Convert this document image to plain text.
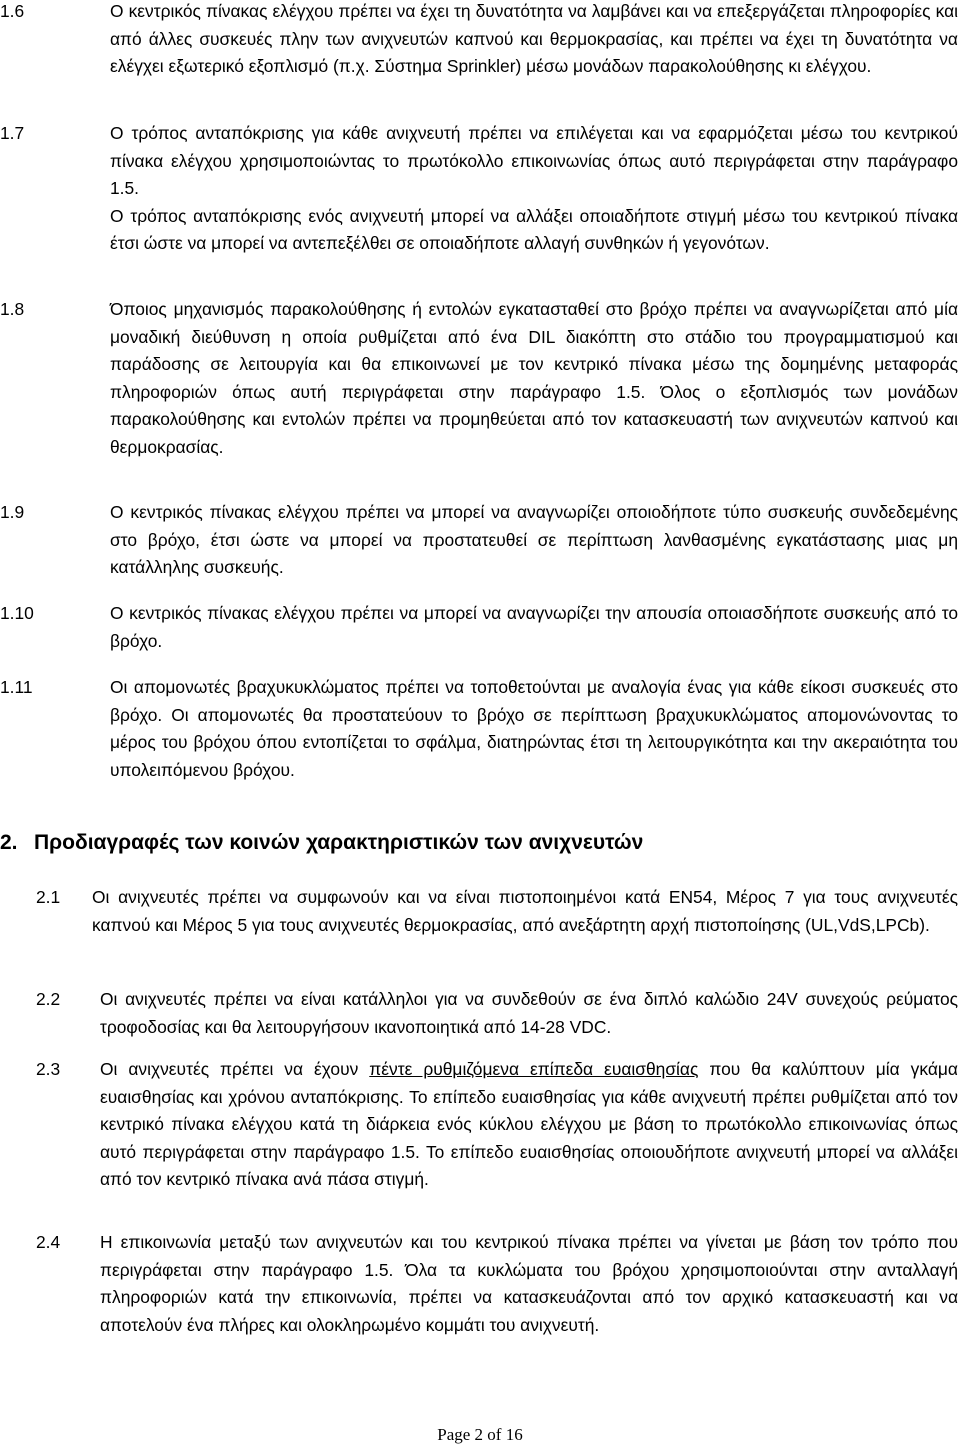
1.6	Ο κεντρικός πίνακας ελέγχου πρέπει να έχει τη δυνατότητα να λαμβάνει και να επεξεργάζεται πληροφορίες και από άλλες συσκευές πλην των ανιχνευτών καπνού και θερμοκρασίας, και πρέπει να έχει τη δυνατότητα να ελέγχει εξωτερικό εξοπλισμό (π.χ. Σύστημα Sprinkler) μέσω μονάδων παρακολούθησης κι ελέγχου.

1.7	Ο τρόπος ανταπόκρισης για κάθε ανιχνευτή πρέπει να επιλέγεται και να εφαρμόζεται μέσω του κεντρικού πίνακα ελέγχου χρησιμοποιώντας το πρωτόκολλο επικοινωνίας όπως αυτό περιγράφεται στην παράγραφο 1.5.

Ο τρόπος ανταπόκρισης ενός ανιχνευτή μπορεί να αλλάξει οποιαδήποτε στιγμή μέσω του κεντρικού πίνακα έτσι ώστε να μπορεί να αντεπεξέλθει σε οποιαδήποτε αλλαγή συνθηκών ή γεγονότων.

1.8	Όποιος μηχανισμός παρακολούθησης ή εντολών εγκατασταθεί στο βρόχο πρέπει να αναγνωρίζεται από μία μοναδική διεύθυνση η οποία ρυθμίζεται από ένα DIL διακόπτη στο στάδιο του προγραμματισμού και παράδοσης σε λειτουργία και θα επικοινωνεί με τον κεντρικό πίνακα μέσω της δομημένης μεταφοράς πληροφοριών όπως αυτή περιγράφεται στην παράγραφο 1.5. Όλος ο εξοπλισμός των μονάδων παρακολούθησης και εντολών πρέπει να προμηθεύεται από τον κατασκευαστή των ανιχνευτών καπνού και θερμοκρασίας.

1.9	Ο κεντρικός πίνακας ελέγχου πρέπει να μπορεί να αναγνωρίζει οποιοδήποτε τύπο συσκευής συνδεδεμένης στο βρόχο, έτσι ώστε να μπορεί να προστατευθεί σε περίπτωση λανθασμένης εγκατάστασης μιας μη κατάλληλης συσκευής.

1.10	Ο κεντρικός πίνακας ελέγχου πρέπει να μπορεί να αναγνωρίζει την απουσία οποιασδήποτε συσκευής από το βρόχο.

1.11	Οι απομονωτές βραχυκυκλώματος πρέπει να τοποθετούνται με αναλογία ένας για κάθε είκοσι συσκευές στο βρόχο. Οι απομονωτές θα προστατεύουν το βρόχο σε περίπτωση βραχυκυκλώματος απομονώνοντας το μέρος του βρόχου όπου εντοπίζεται το σφάλμα, διατηρώντας έτσι τη λειτουργικότητα και την ακεραιότητα του υπολειπόμενου βρόχου.

2. Προδιαγραφές των κοινών χαρακτηριστικών των ανιχνευτών
2.1	Οι ανιχνευτές πρέπει να συμφωνούν και να είναι πιστοποιημένοι κατά EN54, Μέρος 7 για τους ανιχνευτές καπνού και Μέρος 5 για τους ανιχνευτές θερμοκρασίας, από ανεξάρτητη αρχή πιστοποίησης (UL,VdS,LPCb).

2.2	Οι ανιχνευτές πρέπει να είναι κατάλληλοι για να συνδεθούν σε ένα διπλό καλώδιο 24V συνεχούς ρεύματος τροφοδοσίας και θα λειτουργήσουν ικανοποιητικά από 14-28 VDC.

2.3	Οι ανιχνευτές πρέπει να έχουν πέντε ρυθμιζόμενα επίπεδα ευαισθησίας που θα καλύπτουν μία γκάμα ευαισθησίας και χρόνου ανταπόκρισης. Το επίπεδο ευαισθησίας για κάθε ανιχνευτή πρέπει ρυθμίζεται από τον κεντρικό πίνακα ελέγχου κατά τη διάρκεια ενός κύκλου ελέγχου με βάση το πρωτόκολλο επικοινωνίας όπως αυτό περιγράφεται στην παράγραφο 1.5. Το επίπεδο ευαισθησίας οποιουδήποτε ανιχνευτή μπορεί να αλλάξει από τον κεντρικό πίνακα ανά πάσα στιγμή.

2.4	Η επικοινωνία μεταξύ των ανιχνευτών και του κεντρικού πίνακα πρέπει να γίνεται με βάση τον τρόπο που περιγράφεται στην παράγραφο 1.5. Όλα τα κυκλώματα του βρόχου χρησιμοποιούνται στην ανταλλαγή πληροφοριών κατά την επικοινωνία, πρέπει να κατασκευάζονται από τον αρχικό κατασκευαστή και να αποτελούν ένα πλήρες και ολοκληρωμένο κομμάτι του ανιχνευτή.

Page 2 of 16
